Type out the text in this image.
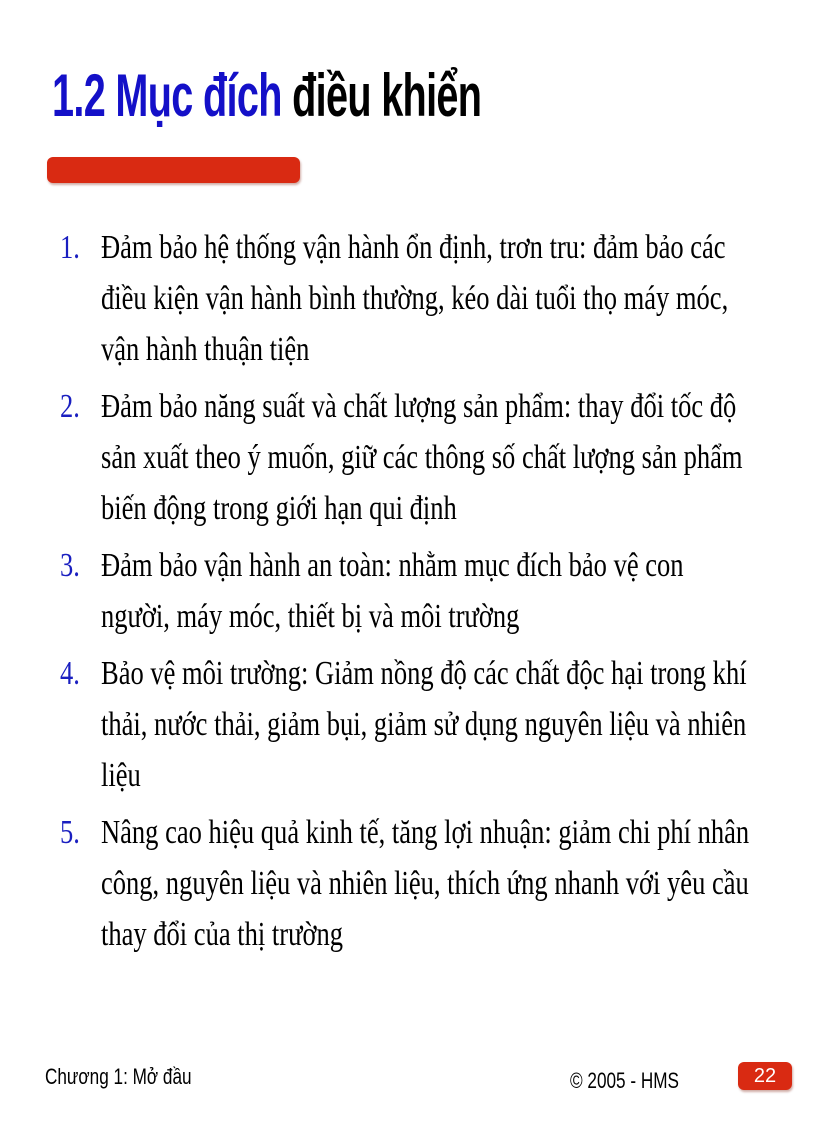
1.2 Mục đích điều khiển
1. Đảm bảo hệ thống vận hành ổn định, trơn tru: đảm bảo các điều kiện vận hành bình thường, kéo dài tuổi thọ máy móc, vận hành thuận tiện
2. Đảm bảo năng suất và chất lượng sản phẩm: thay đổi tốc độ sản xuất theo ý muốn, giữ các thông số chất lượng sản phẩm biến động trong giới hạn qui định
3. Đảm bảo vận hành an toàn: nhằm mục đích bảo vệ con người, máy móc, thiết bị và môi trường
4. Bảo vệ môi trường: Giảm nồng độ các chất độc hại trong khí thải, nước thải, giảm bụi, giảm sử dụng nguyên liệu và nhiên liệu
5. Nâng cao hiệu quả kinh tế, tăng lợi nhuận: giảm chi phí nhân công, nguyên liệu và nhiên liệu, thích ứng nhanh với yêu cầu thay đổi của thị trường
Chương 1: Mở đầu	© 2005 - HMS	22
